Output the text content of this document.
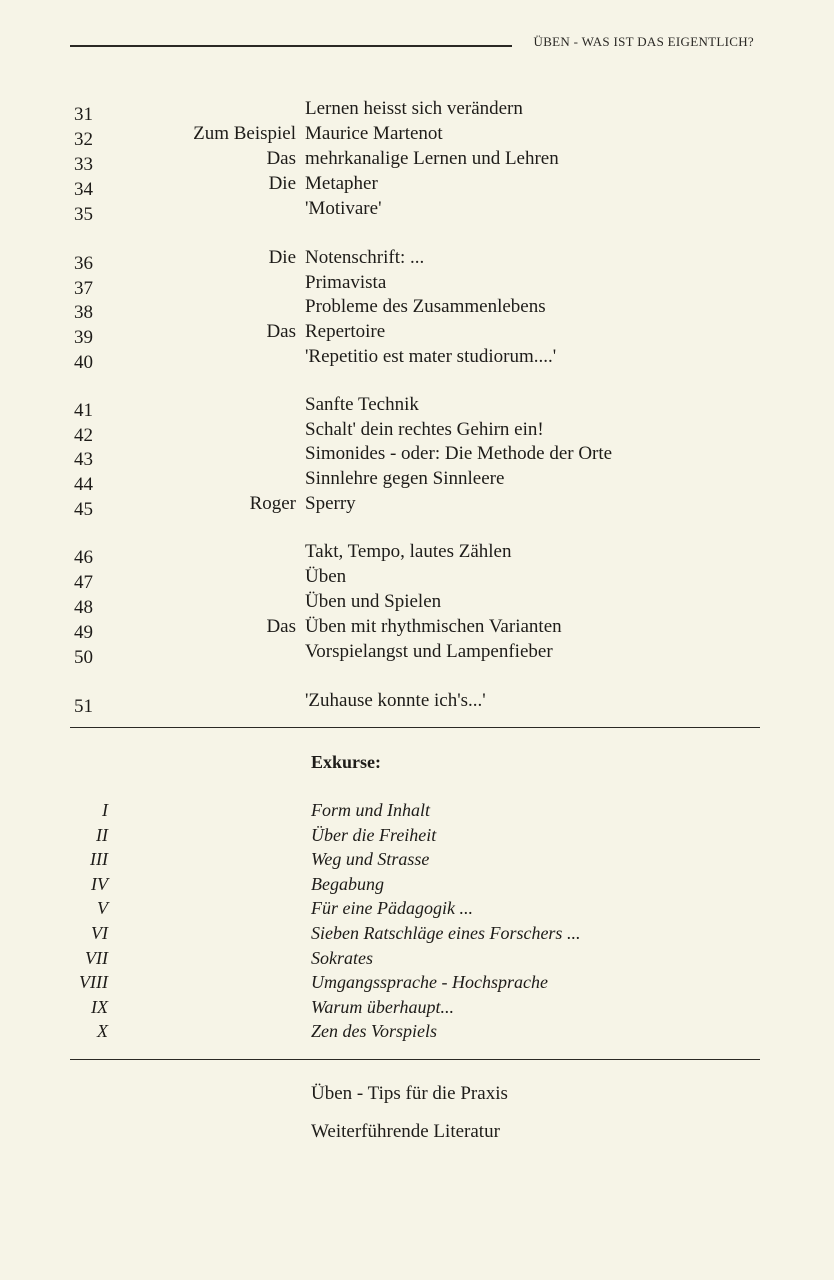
ÜBEN - WAS IST DAS EIGENTLICH?
31	Lernen heisst sich verändern
32	Zum Beispiel Maurice Martenot
33	Das mehrkanalige Lernen und Lehren
34	Die Metapher
35	'Motivare'
36	Die Notenschrift: ...
37	Primavista
38	Probleme des Zusammenlebens
39	Das Repertoire
40	'Repetitio est mater studiorum....'
41	Sanfte Technik
42	Schalt' dein rechtes Gehirn ein!
43	Simonides - oder: Die Methode der Orte
44	Sinnlehre gegen Sinnleere
45	Roger Sperry
46	Takt, Tempo, lautes Zählen
47	Üben
48	Üben und Spielen
49	Das Üben mit rhythmischen Varianten
50	Vorspielangst und Lampenfieber
51	'Zuhause konnte ich's...'
Exkurse:
I	Form und Inhalt
II	Über die Freiheit
III	Weg und Strasse
IV	Begabung
V	Für eine Pädagogik ...
VI	Sieben Ratschläge eines Forschers ...
VII	Sokrates
VIII	Umgangssprache - Hochsprache
IX	Warum überhaupt...
X	Zen des Vorspiels
Üben - Tips für die Praxis
Weiterführende Literatur
